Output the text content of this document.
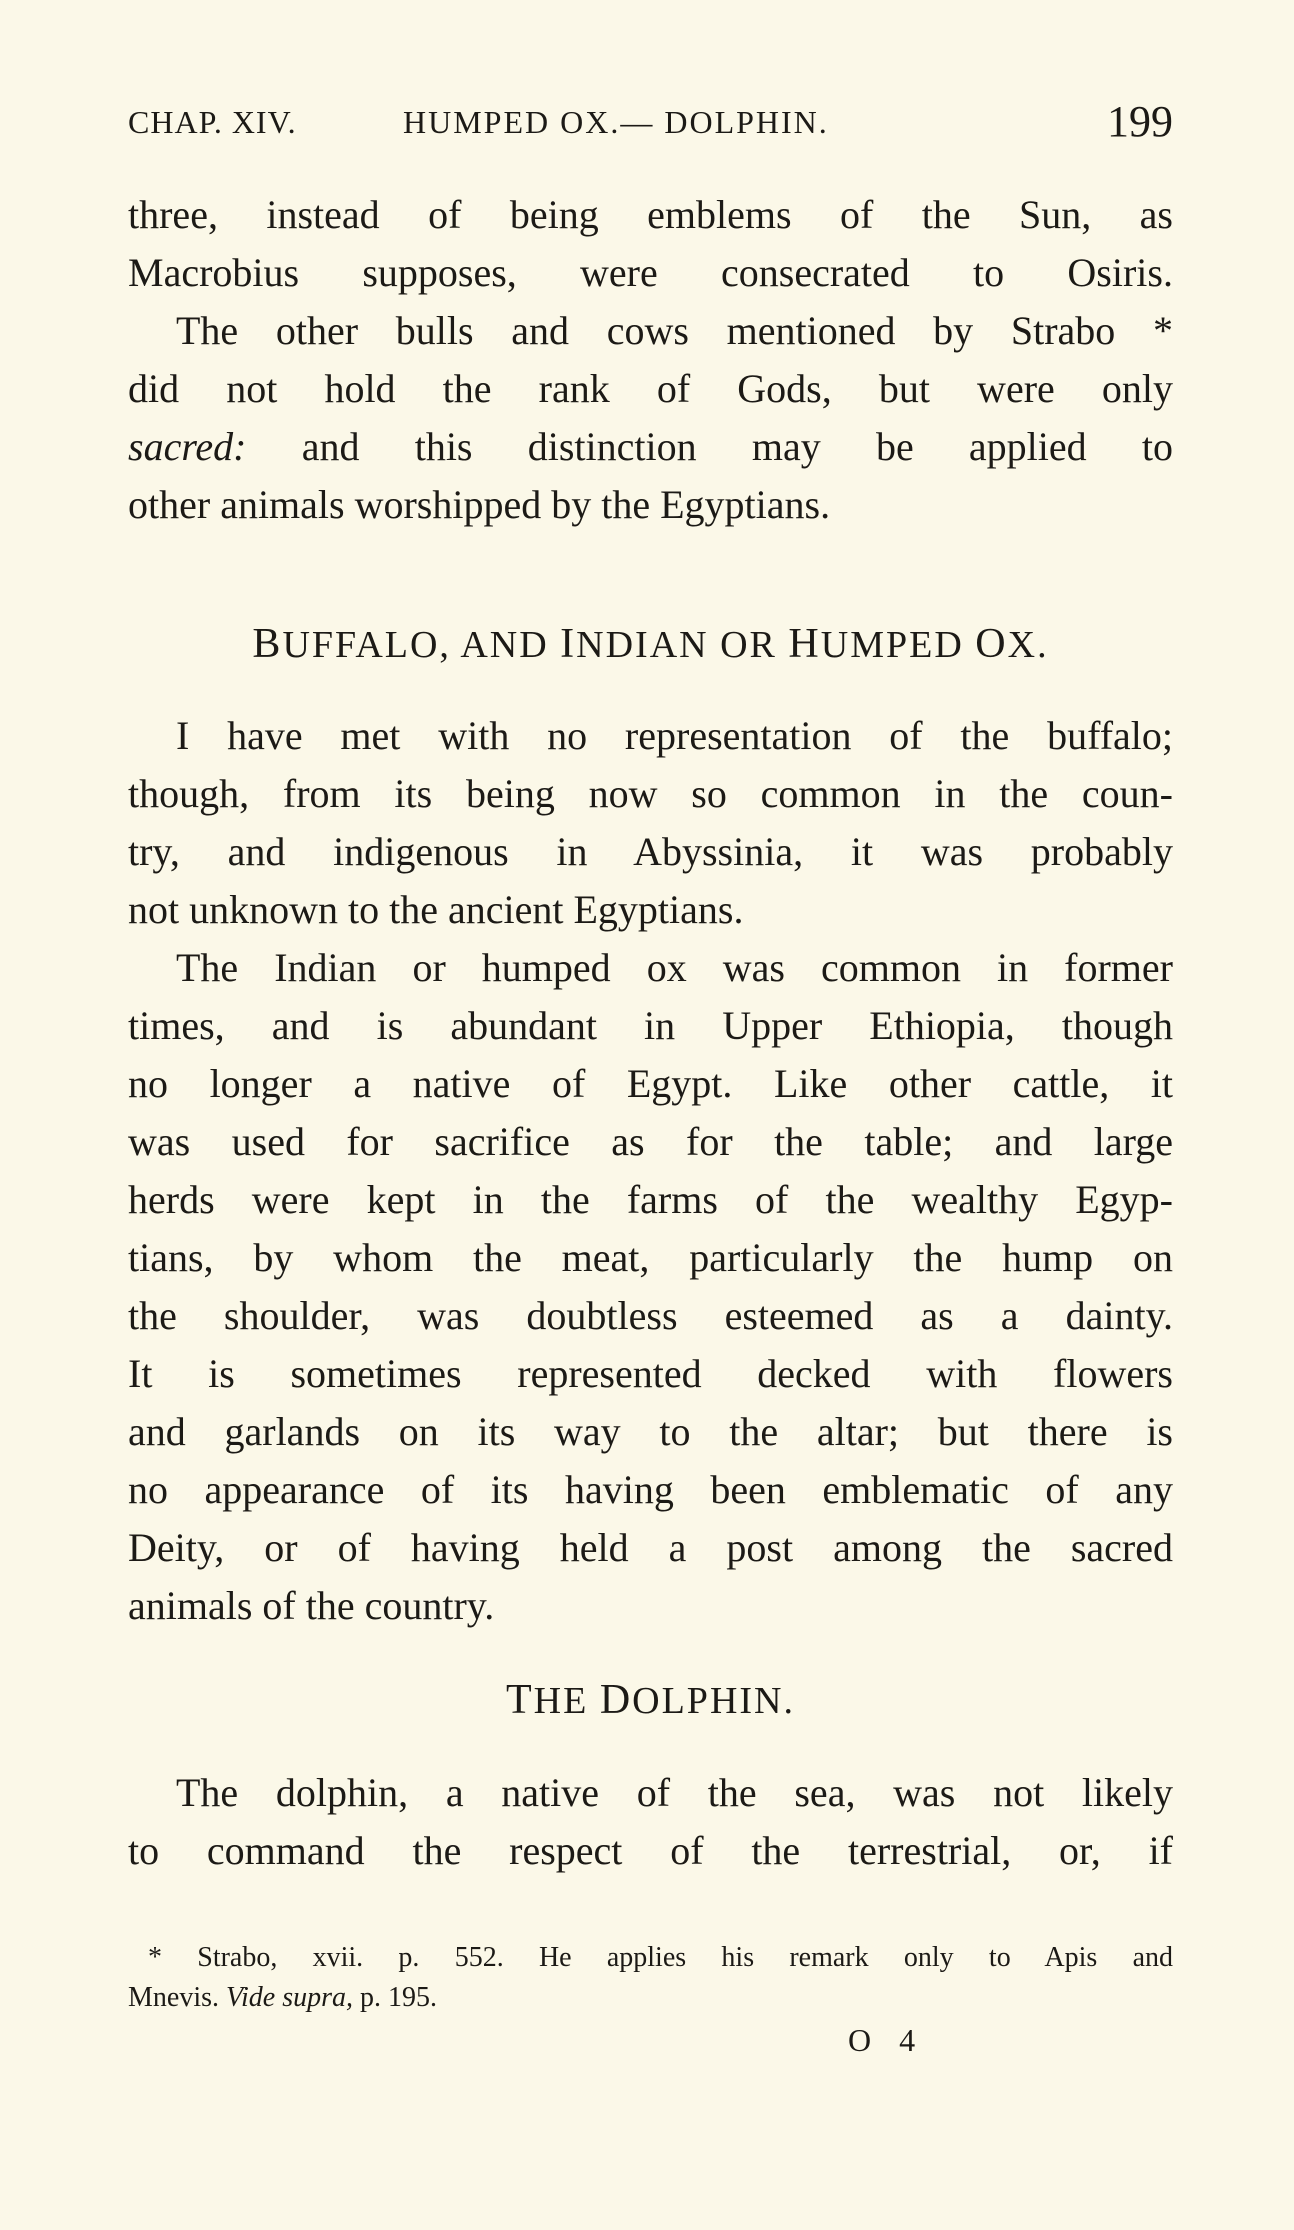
CHAP. XIV.	HUMPED OX.— DOLPHIN.	199
three, instead of being emblems of the Sun, as
Macrobius supposes, were consecrated to Osiris.
The other bulls and cows mentioned by Strabo *
did not hold the rank of Gods, but were only
sacred: and this distinction may be applied to
other animals worshipped by the Egyptians.
BUFFALO, AND INDIAN OR HUMPED OX.
I have met with no representation of the buffalo;
though, from its being now so common in the coun-
try, and indigenous in Abyssinia, it was probably
not unknown to the ancient Egyptians.
The Indian or humped ox was common in former
times, and is abundant in Upper Ethiopia, though
no longer a native of Egypt. Like other cattle, it
was used for sacrifice as for the table; and large
herds were kept in the farms of the wealthy Egyp-
tians, by whom the meat, particularly the hump on
the shoulder, was doubtless esteemed as a dainty.
It is sometimes represented decked with flowers
and garlands on its way to the altar; but there is
no appearance of its having been emblematic of any
Deity, or of having held a post among the sacred
animals of the country.
THE DOLPHIN.
The dolphin, a native of the sea, was not likely
to command the respect of the terrestrial, or, if
* Strabo, xvii. p. 552. He applies his remark only to Apis and
Mnevis. Vide supra, p. 195.
O 4
